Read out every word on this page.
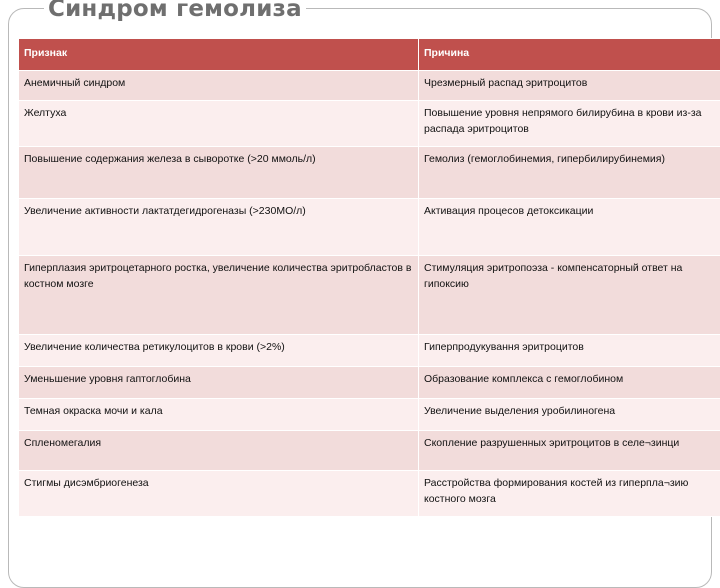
Синдром гемолиза
Признак	Причина
Анемичный синдром	Чрезмерный распад эритроцитов
Желтуха	Повышение уровня непрямого билирубина в крови из-за распада эритроцитов
Повышение содержания железа в сыворотке (>20 ммоль/л)	Гемолиз (гемоглобинемия, гипербилирубинемия)
Увеличение активности лактатдегидрогеназы (>230МО/л)	Активация процесов детоксикации
Гиперплазия эритроцетарного ростка, увеличение количества эритробластов в костном мозге	Стимуляция эритропоэза - компенсаторный ответ на гипоксию
Увеличение количества ретикулоцитов в крови (>2%)	Гиперпродукування эритроцитов
Уменьшение уровня гаптоглобина	Образование комплекса с гемоглобином
Темная окраска мочи и кала	Увеличение выделения уробилиногена
Спленомегалия	Скопление разрушенных эритроцитов в селе¬зинци
Стигмы дисэмбриогенеза	Расстройства формирования костей из гиперпла¬зию костного мозга
